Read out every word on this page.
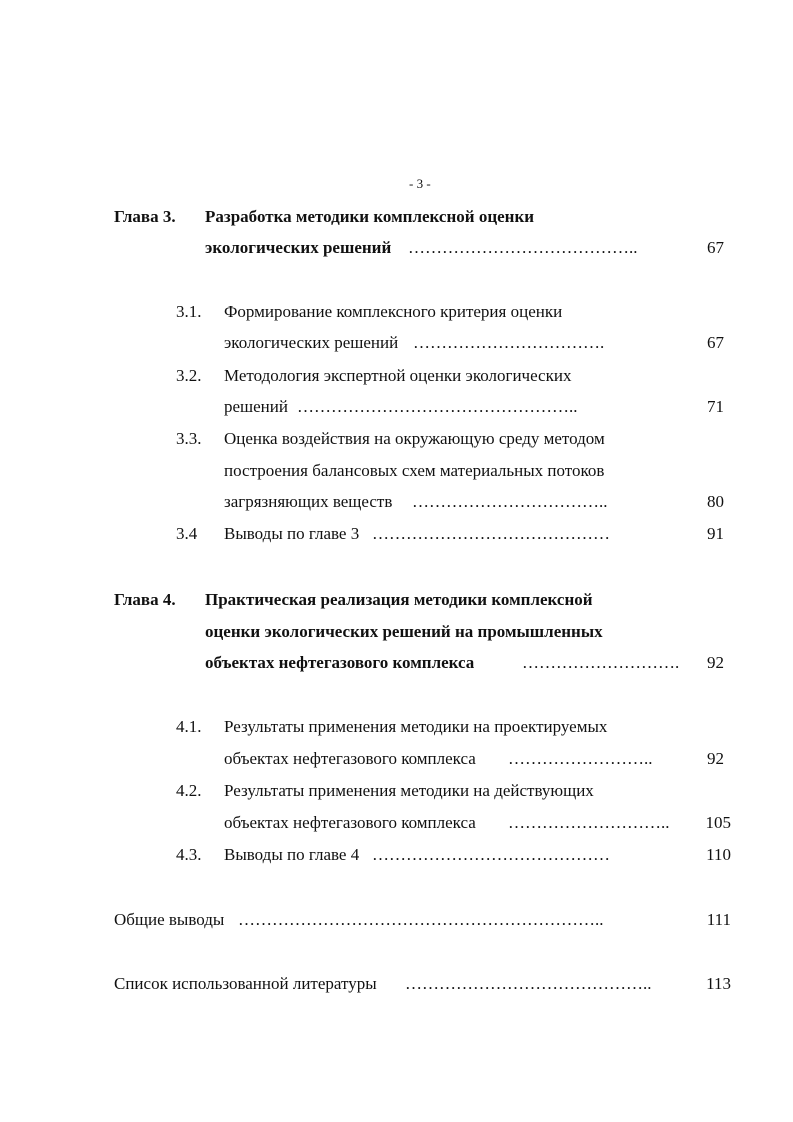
- 3 -
Глава 3. Разработка методики комплексной оценки
экологических решений …………………………………..	67
3.1. Формирование комплексного критерия оценки
экологических решений …………………………….	67
3.2. Методология экспертной оценки экологических
решений …………………………………………..	71
3.3. Оценка воздействия на окружающую среду методом
построения балансовых схем материальных потоков
загрязняющих веществ ……………………………..	80
3.4 Выводы по главе 3 ……………………………………	91
Глава 4. Практическая реализация методики комплексной
оценки экологических решений на промышленных
объектах нефтегазового комплекса	……………………….	92
4.1. Результаты применения методики на проектируемых
объектах нефтегазового комплекса ……………………..	92
4.2. Результаты применения методики на действующих
объектах нефтегазового комплекса ………………………..	105
4.3. Выводы по главе 4 ……………………………………	110
Общие выводы ………………………………………………………..	111
Список использованной литературы ……………………………………..	113
